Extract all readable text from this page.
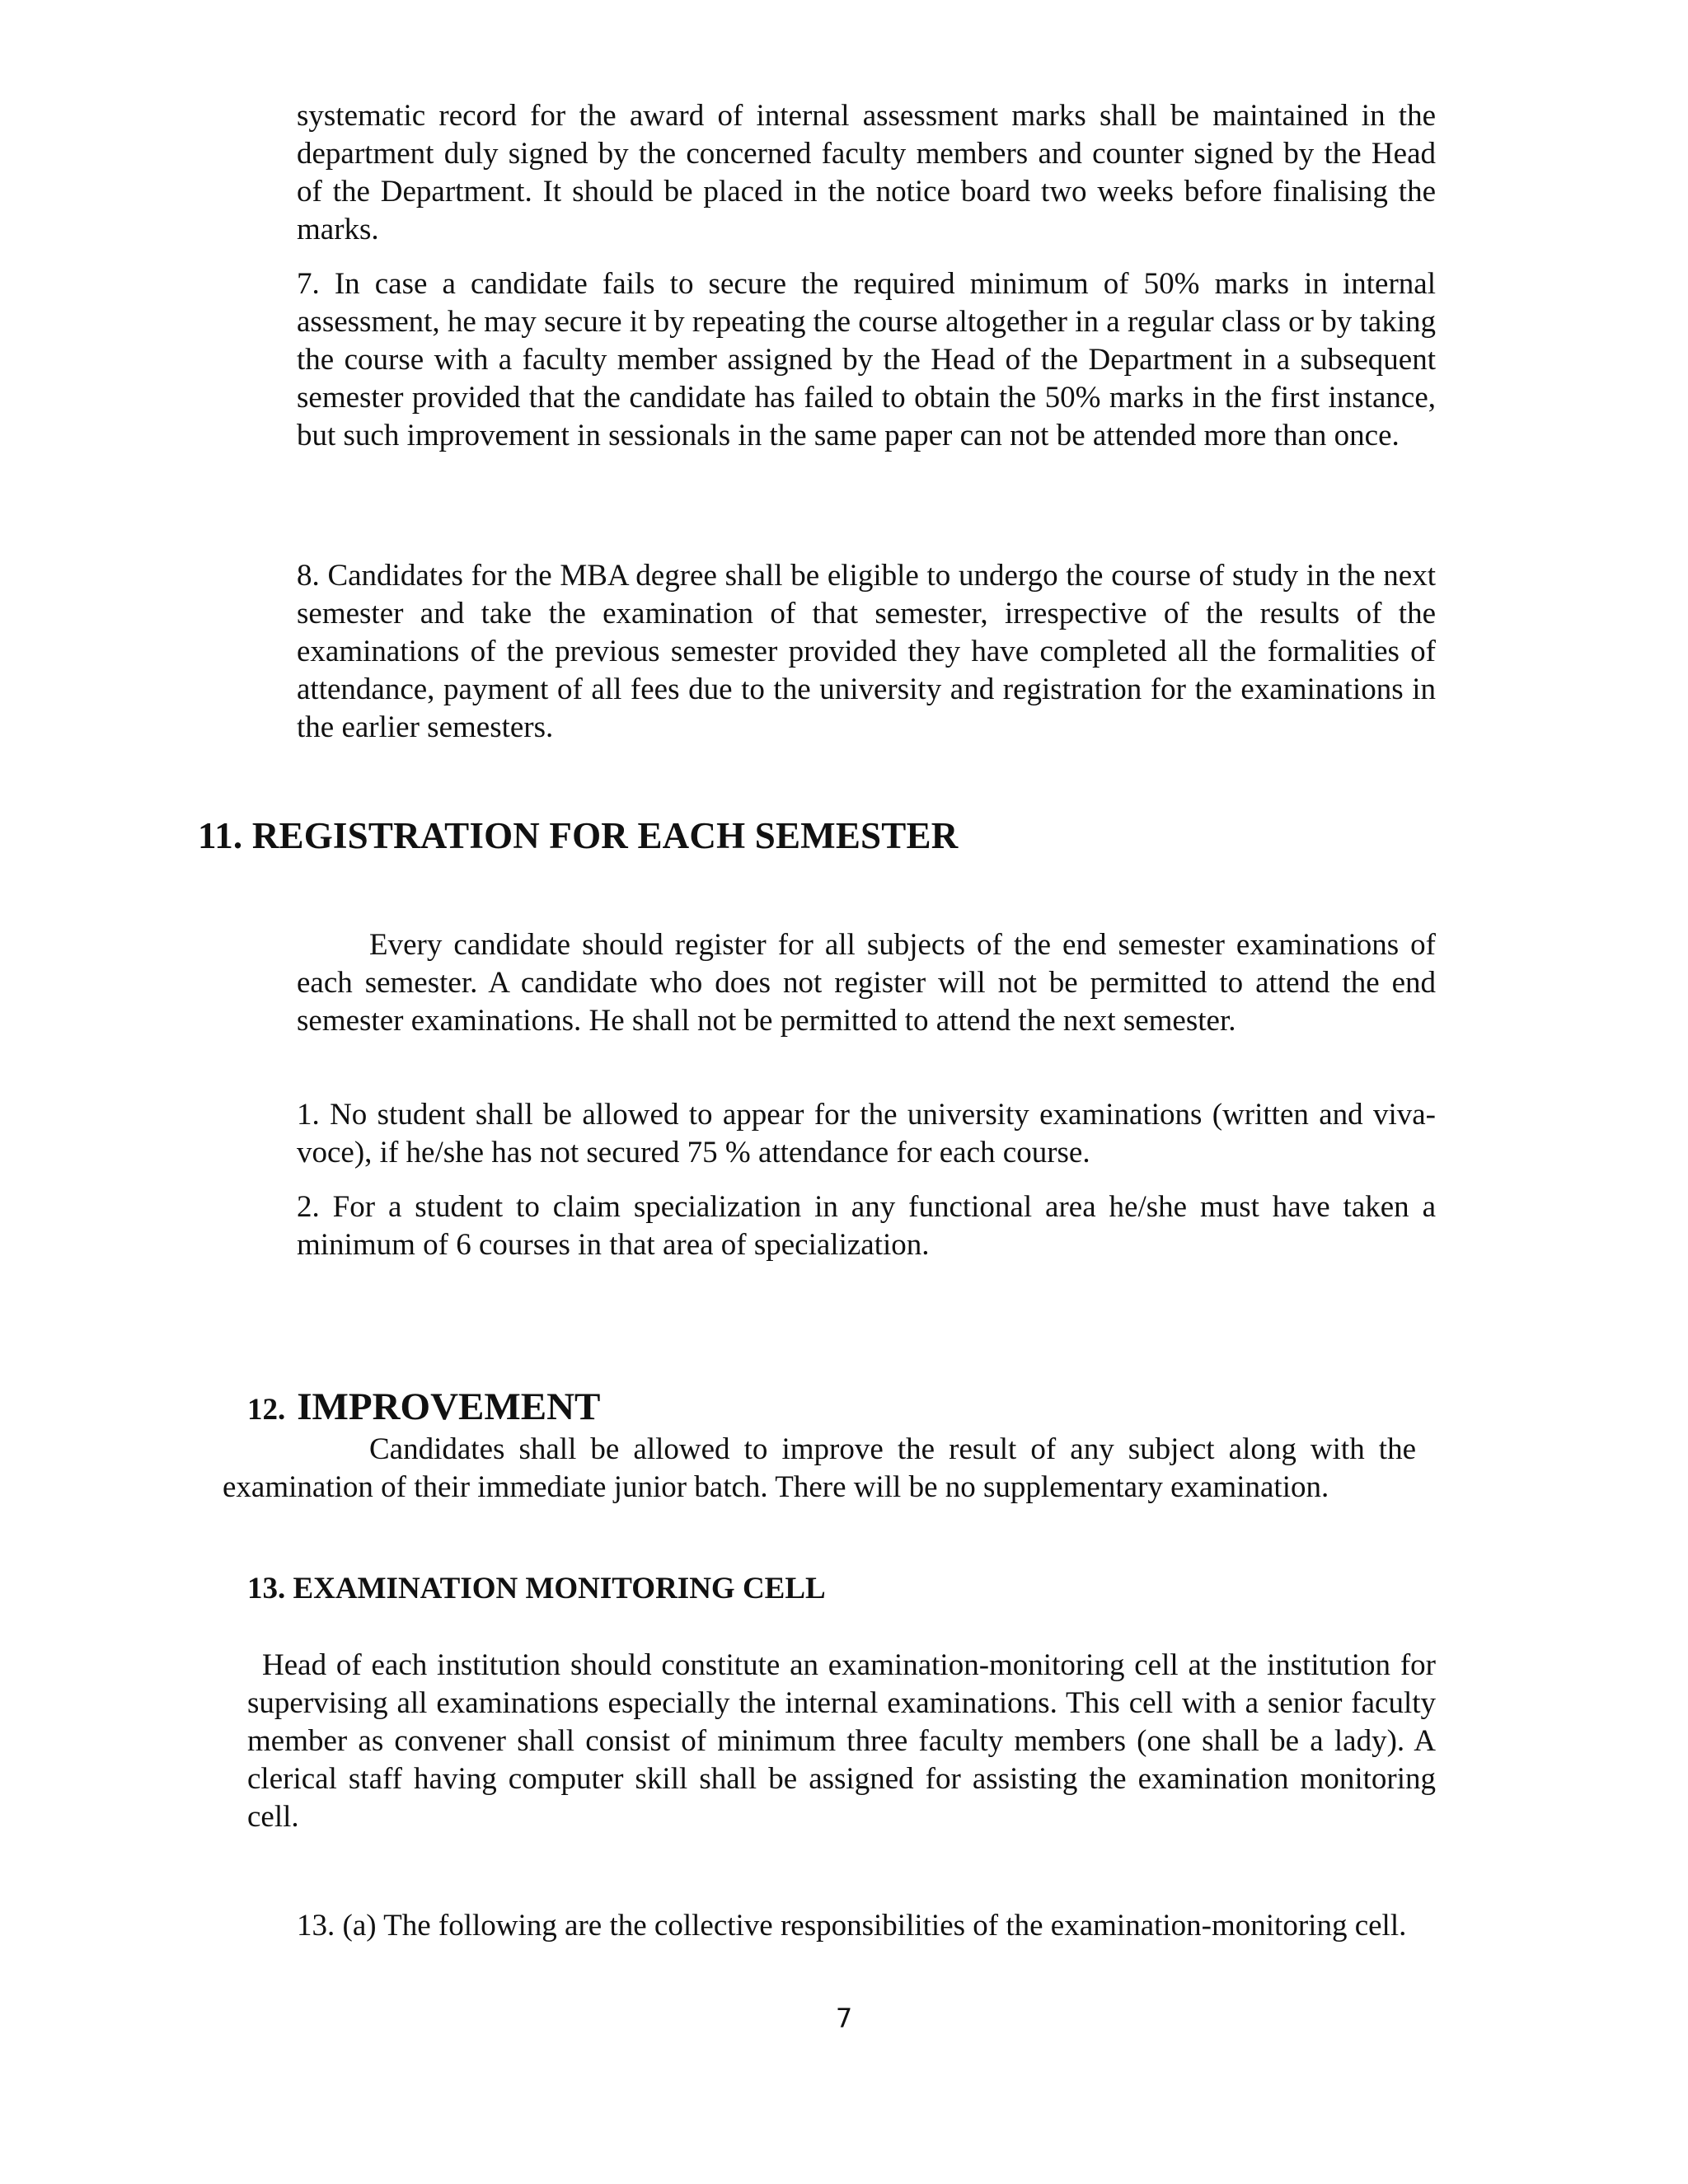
systematic record for the award of internal assessment marks shall be maintained in the department duly signed by the concerned faculty members and counter signed by the Head of the Department. It should be placed in the notice board two weeks before finalising the marks.

7. In case a candidate fails to secure the required minimum of 50% marks in internal assessment, he may secure it by repeating the course altogether in a regular class or by taking the course with a faculty member assigned by the Head of the Department in a subsequent semester provided that the candidate has failed to obtain the 50% marks in the first instance, but such improvement in sessionals in the same paper can not be attended more than once.

8. Candidates for the MBA degree shall be eligible to undergo the course of study in the next semester and take the examination of that semester, irrespective of the results of the examinations of the previous semester provided they have completed all the formalities of attendance, payment of all fees due to the university and registration for the examinations in the earlier semesters.

11. REGISTRATION FOR EACH SEMESTER

Every candidate should register for all subjects of the end semester examinations of each semester. A candidate who does not register will not be permitted to attend the end semester examinations. He shall not be permitted to attend the next semester.

1. No student shall be allowed to appear for the university examinations (written and viva-voce), if he/she has not secured 75 % attendance for each course.

2. For a student to claim specialization in any functional area he/she must have taken a minimum of 6 courses in that area of specialization.

12. IMPROVEMENT

Candidates shall be allowed to improve the result of any subject along with the examination of their immediate junior batch. There will be no supplementary examination.

13. EXAMINATION MONITORING CELL

Head of each institution should constitute an examination-monitoring cell at the institution for supervising all examinations especially the internal examinations. This cell with a senior faculty member as convener shall consist of minimum three faculty members (one shall be a lady). A clerical staff having computer skill shall be assigned for assisting the examination monitoring cell.

13. (a) The following are the collective responsibilities of the examination-monitoring cell.

7
